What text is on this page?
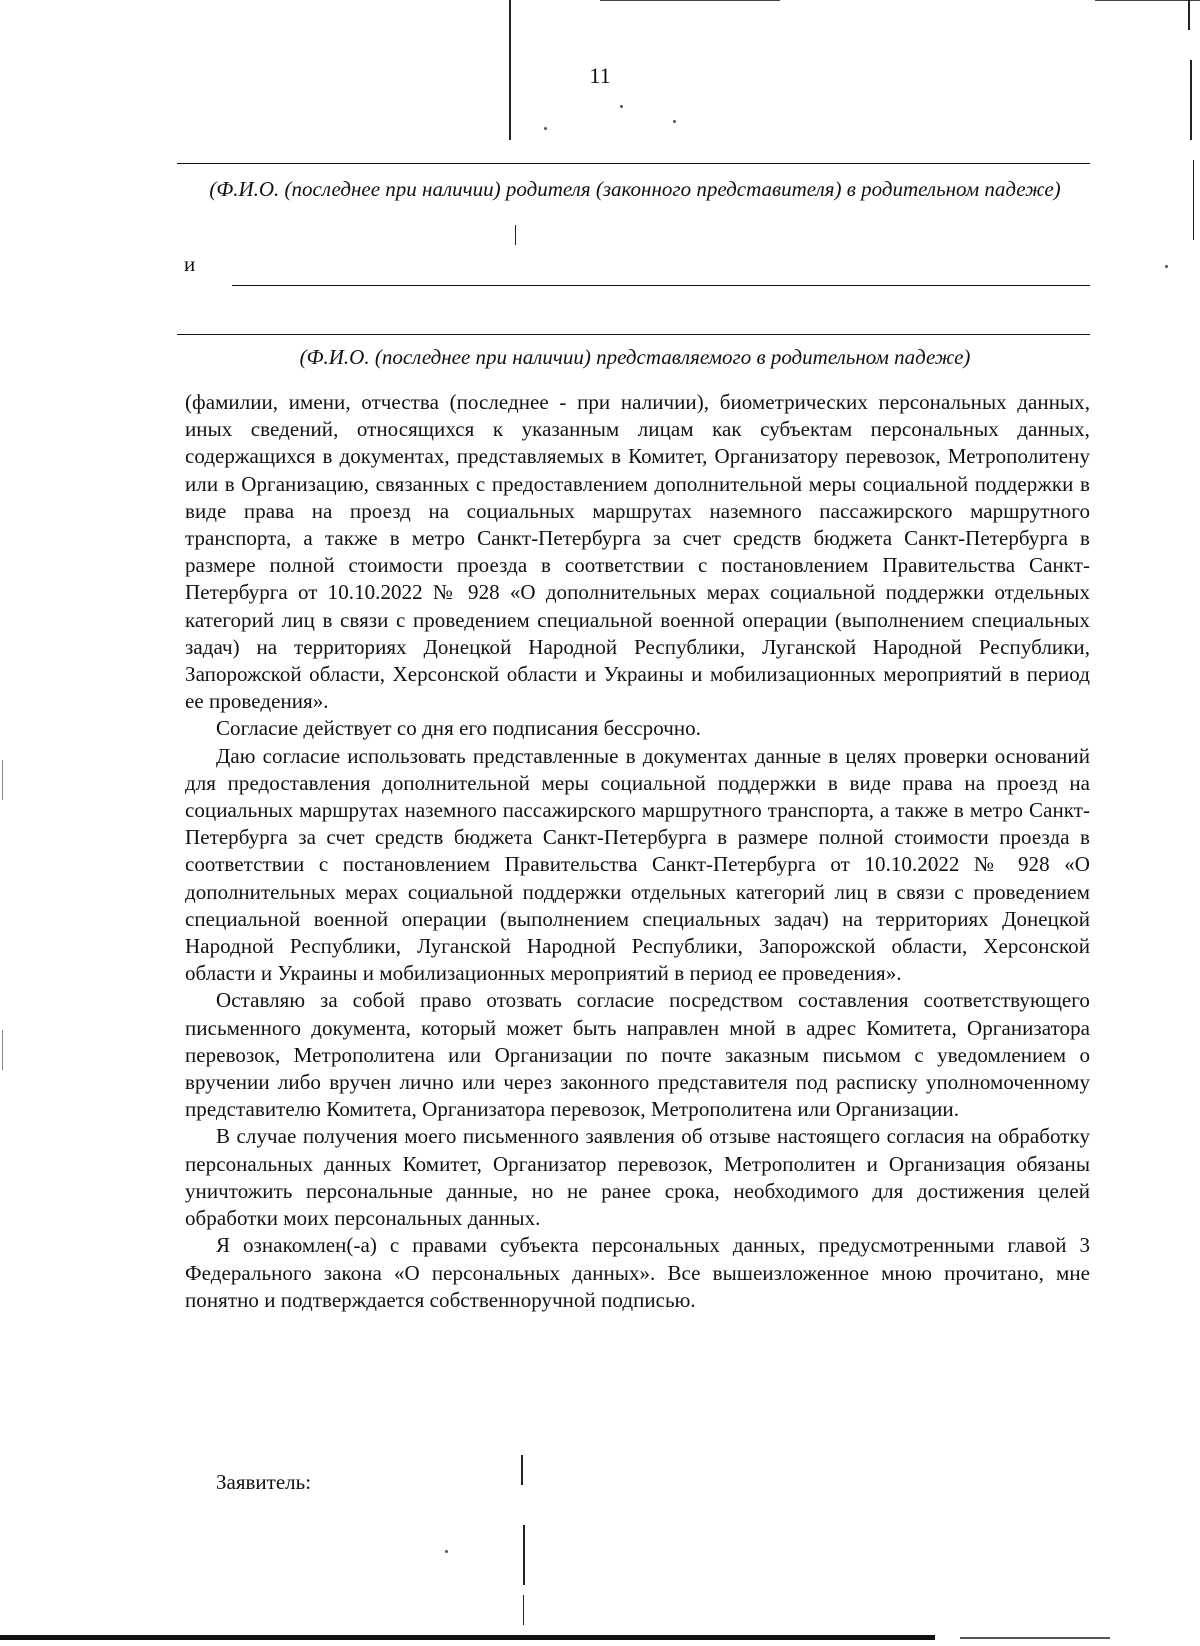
11
(Ф.И.О. (последнее при наличии) родителя (законного представителя) в родительном падеже)
и
(Ф.И.О. (последнее при наличии) представляемого в родительном падеже)

(фамилии, имени, отчества (последнее - при наличии), биометрических персональных данных, иных сведений, относящихся к указанным лицам как субъектам персональных данных, содержащихся в документах, представляемых в Комитет, Организатору перевозок, Метрополитену или в Организацию, связанных с предоставлением дополнительной меры социальной поддержки в виде права на проезд на социальных маршрутах наземного пассажирского маршрутного транспорта, а также в метро Санкт-Петербурга за счет средств бюджета Санкт-Петербурга в размере полной стоимости проезда в соответствии с постановлением Правительства Санкт-Петербурга от 10.10.2022 № 928 «О дополнительных мерах социальной поддержки отдельных категорий лиц в связи с проведением специальной военной операции (выполнением специальных задач) на территориях Донецкой Народной Республики, Луганской Народной Республики, Запорожской области, Херсонской области и Украины и мобилизационных мероприятий в период ее проведения».

Согласие действует со дня его подписания бессрочно.

Даю согласие использовать представленные в документах данные в целях проверки оснований для предоставления дополнительной меры социальной поддержки в виде права на проезд на социальных маршрутах наземного пассажирского маршрутного транспорта, а также в метро Санкт-Петербурга за счет средств бюджета Санкт-Петербурга в размере полной стоимости проезда в соответствии с постановлением Правительства Санкт-Петербурга от 10.10.2022 № 928 «О дополнительных мерах социальной поддержки отдельных категорий лиц в связи с проведением специальной военной операции (выполнением специальных задач) на территориях Донецкой Народной Республики, Луганской Народной Республики, Запорожской области, Херсонской области и Украины и мобилизационных мероприятий в период ее проведения».

Оставляю за собой право отозвать согласие посредством составления соответствующего письменного документа, который может быть направлен мной в адрес Комитета, Организатора перевозок, Метрополитена или Организации по почте заказным письмом с уведомлением о вручении либо вручен лично или через законного представителя под расписку уполномоченному представителю Комитета, Организатора перевозок, Метрополитена или Организации.

В случае получения моего письменного заявления об отзыве настоящего согласия на обработку персональных данных Комитет, Организатор перевозок, Метрополитен и Организация обязаны уничтожить персональные данные, но не ранее срока, необходимого для достижения целей обработки моих персональных данных.

Я ознакомлен(-а) с правами субъекта персональных данных, предусмотренными главой 3 Федерального закона «О персональных данных». Все вышеизложенное мною прочитано, мне понятно и подтверждается собственноручной подписью.

Заявитель:
